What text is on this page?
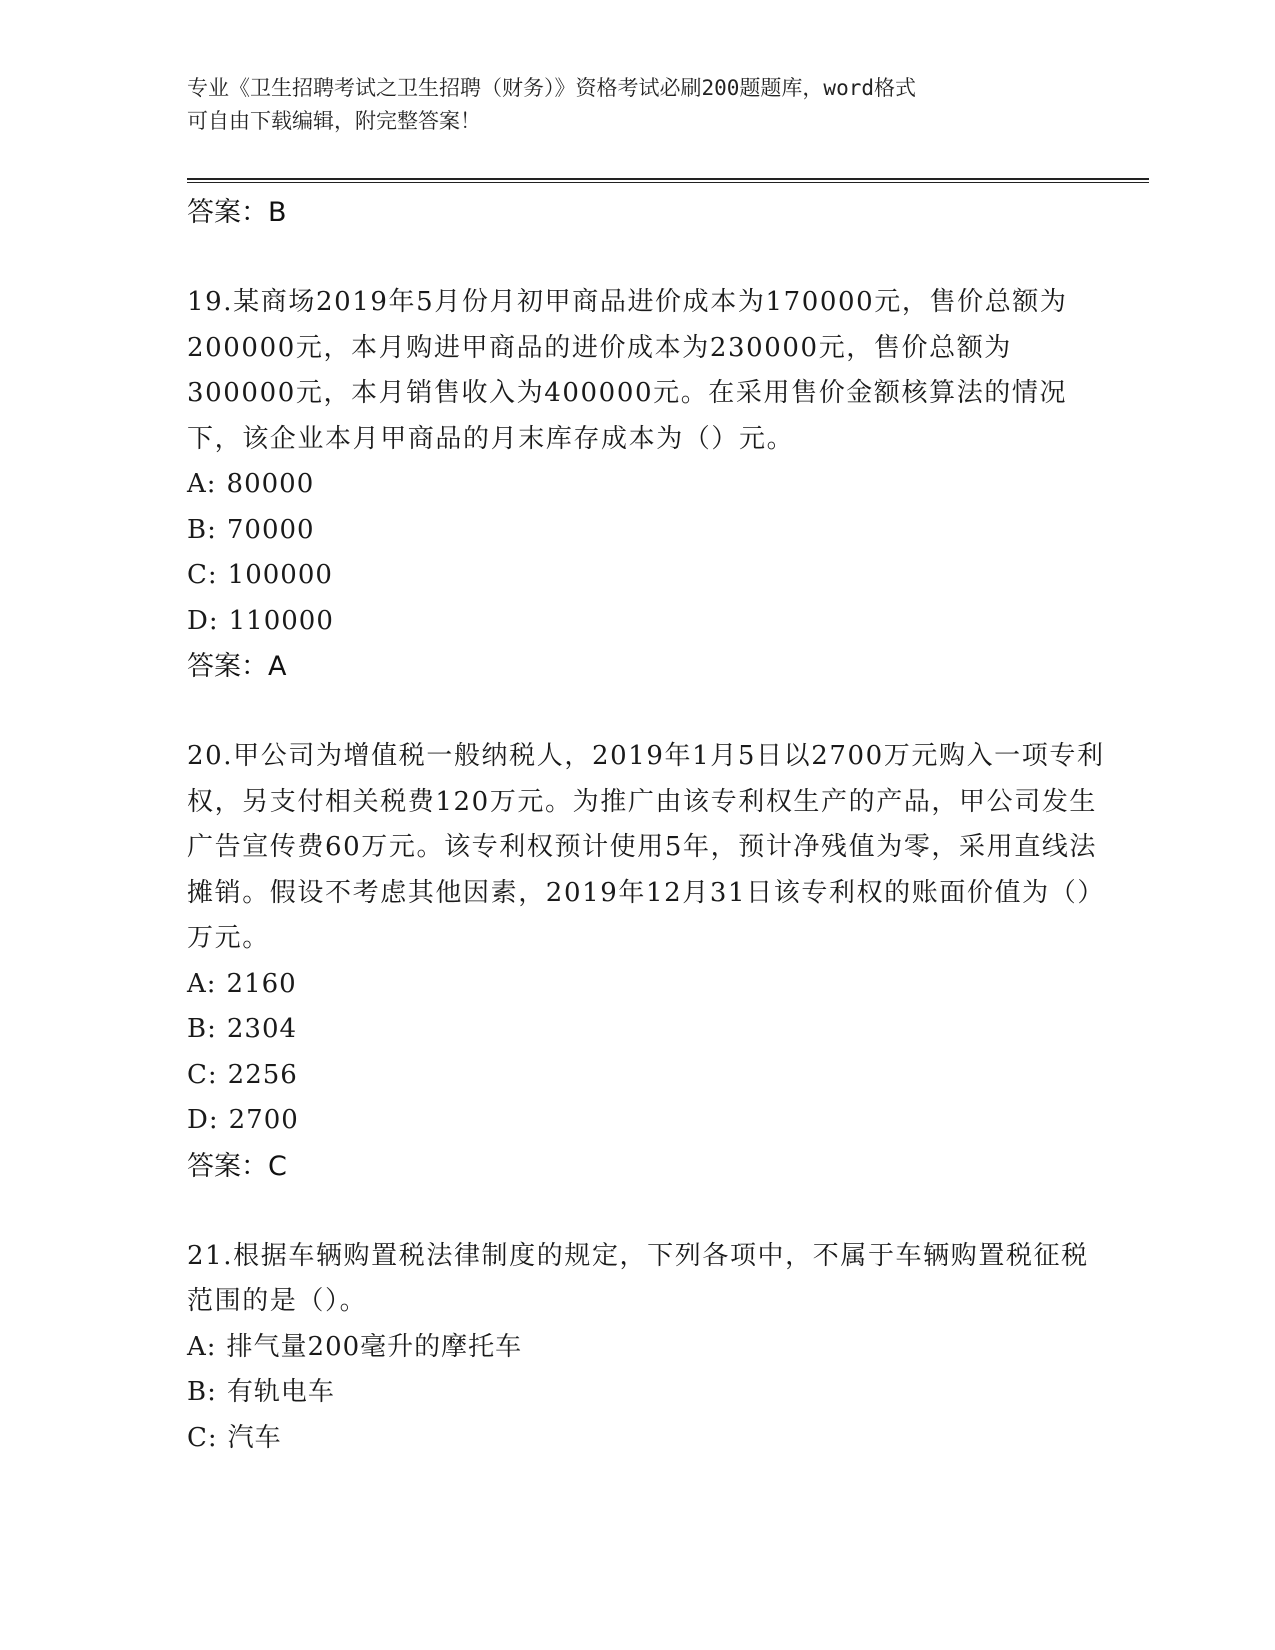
专业《卫生招聘考试之卫生招聘（财务）》资格考试必刷200题题库，word格式
可自由下载编辑，附完整答案！
答案：B

19.某商场2019年5月份月初甲商品进价成本为170000元，售价总额为200000元，本月购进甲商品的进价成本为230000元，售价总额为300000元，本月销售收入为400000元。在采用售价金额核算法的情况下，该企业本月甲商品的月末库存成本为（）元。

A: 80000
B: 70000
C: 100000
D: 110000
答案：A

20.甲公司为增值税一般纳税人，2019年1月5日以2700万元购入一项专利权，另支付相关税费120万元。为推广由该专利权生产的产品，甲公司发生广告宣传费60万元。该专利权预计使用5年，预计净残值为零，采用直线法摊销。假设不考虑其他因素，2019年12月31日该专利权的账面价值为（）万元。

A: 2160
B: 2304
C: 2256
D: 2700
答案：C

21.根据车辆购置税法律制度的规定，下列各项中，不属于车辆购置税征税范围的是（）。

A: 排气量200毫升的摩托车
B: 有轨电车
C: 汽车
